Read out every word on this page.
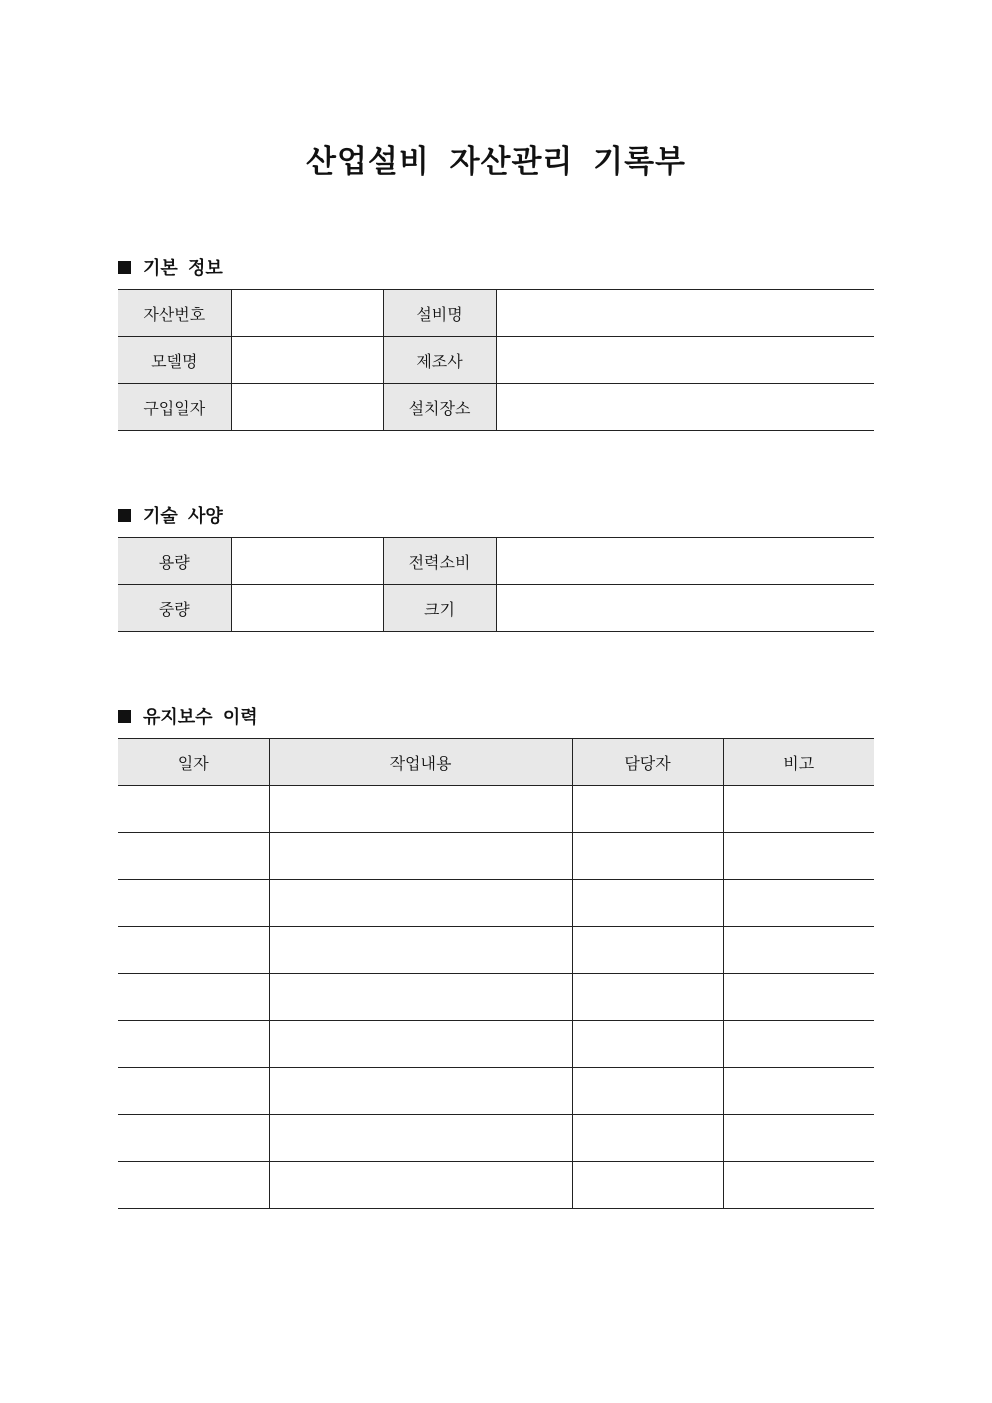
산업설비 자산관리 기록부
기본 정보
자산번호		설비명	
모델명		제조사	
구입일자		설치장소	
기술 사양
용량		전력소비	
중량		크기	
유지보수 이력
일자	작업내용	담당자	비고
